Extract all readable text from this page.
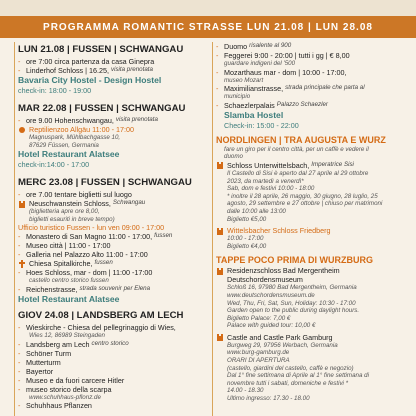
PROGRAMMA ROMANTIC STRASSE LUN 21.08 | LUN 28.08
LUN 21.08 | FUSSEN | SCHWANGAU
- ore 7:00 circa partenza da casa Ginepra
- Linderhof Schloss | 16.25,
visita prenotata
Bavaria City Hostel - Design Hostel
check-in: 18:00 - 19:00
MAR 22.08 | FUSSEN | SCHWANGAU
- ore 9.00 Hohenschwangau,
visita prenotata
Reptilienzoo Allgäu 11:00 - 17:00
Magnuspark, Mühlbachgasse 10,
87629 Füssen, Germania
Hotel Restaurant Alatsee
check-in:14:00 - 17:00
MERC 23.08 | FUSSEN | SCHWANGAU
- ore 7.00 tentare biglietti sul luogo
Neuschwanstein Schloss,
Schwangau
(biglietteria apre ore 8,00,
biglietti esauriti in breve tempo)
Ufficio turistico Fussen - lun ven 09:00 - 17:00
- Monastero di San Magno 11:00 - 17:00,
fussen
- Museo città | 11:00 - 17:00
- Galleria nel Palazzo Alto 11:00 - 17:00
Chiesa Spitalkirche,
fussen
- Hoes Schloss, mar - dom | 11:00 -17:00
castello centro storico fussen
- Reichenstrasse,
strada souvenir per Elena
Hotel Restaurant Alatsee
GIOV 24.08 | LANDSBERG AM LECH
- Wieskirche - Chiesa del pellegrinaggio di Wies,
Wies 12, 86989 Steingaden
- Landsberg am Lech
centro storico
- Schöner Turm
- Mutterturm
- Bayertor
- Museo e da fuori carcere Hitler
- museo storico della scarpa
www.schuhhaus-pflonz.de
- Schuhhaus Pflanzen
- Duomo
risalente al 900
- Feggerei 9:00 - 20:00 | tutti i gg | € 8,00
guardare indigeni del '500
- Mozarthaus mar - dom | 10:00 - 17:00,
museo Mozart
- Maximilianstrasse,
strada principale che parta al
municipio
- Schaezlerpalais
Palazzo Schaezler
Slamba Hostel
Check-in: 15:00 - 22:00
NORDLINGEN | TRA AUGUSTA E WURZ
fare un giro per il centro città, per un caffè e vedere il
duomo
Schloss Unterwittelsbach,
Imperatrice Sisi
Il Castello di Sisi è aperto dal 27 aprile al 29 ottobre
2023, da martedì a venerdì*
Sab, dom e festivi 10:00 - 18:00
* inoltre il 28 aprile, 26 maggio, 30 giugno, 28 luglio, 25
agosto, 29 settembre e 27 ottobre | chiuso per matrimoni
dalle 10:00 alle 13:00
Biglietto €5,00
Wittelsbacher Schloss Friedberg
10:00 - 17:00
Biglietto €4,00
TAPPE POCO PRIMA DI WURZBURG
Residenzschloss Bad Mergentheim
Deutschordensmuseum
Schloß 16, 97980 Bad Mergentheim, Germania
www.deutschordensmuseum.de
Wed, Thu, Fri, Sat, Sun, Holiday: 10:30 - 17:00
Garden open to the public during daylight hours.
Biglietto Palace: 7,00 €
Palace with guided tour: 10,00 €
Castle and Castle Park Gamburg
Burgweg 29, 97956 Werbach, Germania
www.burg-gamburg.de
ORARI DI APERTURA
(castello, giardini del castello, caffè e negozio)
Dal 1° fine settimana di Aprile al 1° fine settimana di
novembre tutti i sabati, domeniche e festivi *
14.00 - 18.30
Ultimo ingresso: 17.30 - 18.00
